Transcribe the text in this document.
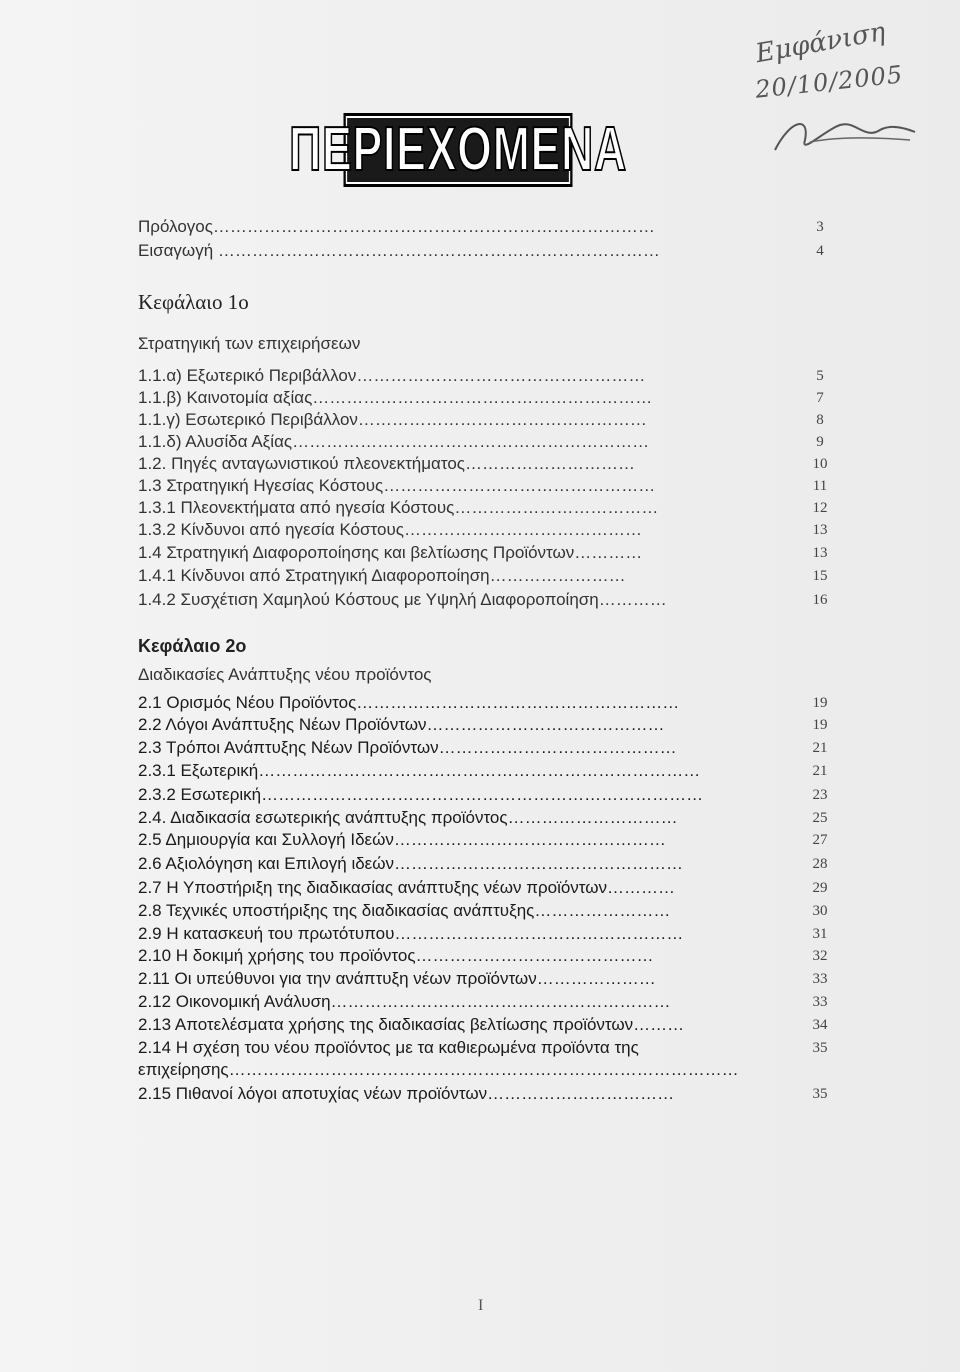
Εμφάνιση
20/10/2005
ΠΕΡΙΕΧΟΜΕΝΑ
Πρόλογος……………………………………………………………………	3
Εισαγωγή ……………………………………………………………………	4
Κεφάλαιο 1ο
Στρατηγική των επιχειρήσεων
1.1.α) Εξωτερικό Περιβάλλον……………………………………………	5
1.1.β) Καινοτομία αξίας……………………………………………………	7
1.1.γ) Εσωτερικό Περιβάλλον……………………………………………	8
1.1.δ) Αλυσίδα Αξίας………………………………………………………	9
1.2. Πηγές ανταγωνιστικού πλεονεκτήματος…………………………	10
1.3 Στρατηγική Ηγεσίας Κόστους…………………………………………	11
1.3.1 Πλεονεκτήματα από ηγεσία Κόστους………………………………	12
1.3.2 Κίνδυνοι από ηγεσία Κόστους……………………………………	13
1.4 Στρατηγική Διαφοροποίησης και βελτίωσης Προϊόντων…………	13
1.4.1 Κίνδυνοι από Στρατηγική Διαφοροποίηση……………………	15
1.4.2 Συσχέτιση Χαμηλού Κόστους με Υψηλή Διαφοροποίηση…………	16
Κεφάλαιο 2ο
Διαδικασίες Ανάπτυξης νέου προϊόντος
2.1 Ορισμός Νέου Προϊόντος…………………………………………………	19
2.2 Λόγοι Ανάπτυξης Νέων Προϊόντων……………………………………	19
2.3 Τρόποι Ανάπτυξης Νέων Προϊόντων……………………………………	21
2.3.1 Εξωτερική……………………………………………………………………	21
2.3.2 Εσωτερική……………………………………………………………………	23
2.4. Διαδικασία εσωτερικής ανάπτυξης προϊόντος…………………………	25
2.5 Δημιουργία και Συλλογή Ιδεών…………………………………………	27
2.6 Αξιολόγηση και Επιλογή ιδεών……………………………………………	28
2.7 Η Υποστήριξη της διαδικασίας ανάπτυξης νέων προϊόντων…………	29
2.8 Τεχνικές υποστήριξης της διαδικασίας ανάπτυξης……………………	30
2.9 Η κατασκευή του πρωτότυπου……………………………………………	31
2.10 Η δοκιμή χρήσης του προϊόντος……………………………………	32
2.11 Οι υπεύθυνοι για την ανάπτυξη νέων προϊόντων…………………	33
2.12 Οικονομική Ανάλυση……………………………………………………	33
2.13 Αποτελέσματα χρήσης της διαδικασίας βελτίωσης προϊόντων………	34
2.14 Η σχέση του νέου προϊόντος με τα καθιερωμένα προϊόντα της	35
επιχείρησης………………………………………………………………………………
2.15 Πιθανοί λόγοι αποτυχίας νέων προϊόντων……………………………	35
I
